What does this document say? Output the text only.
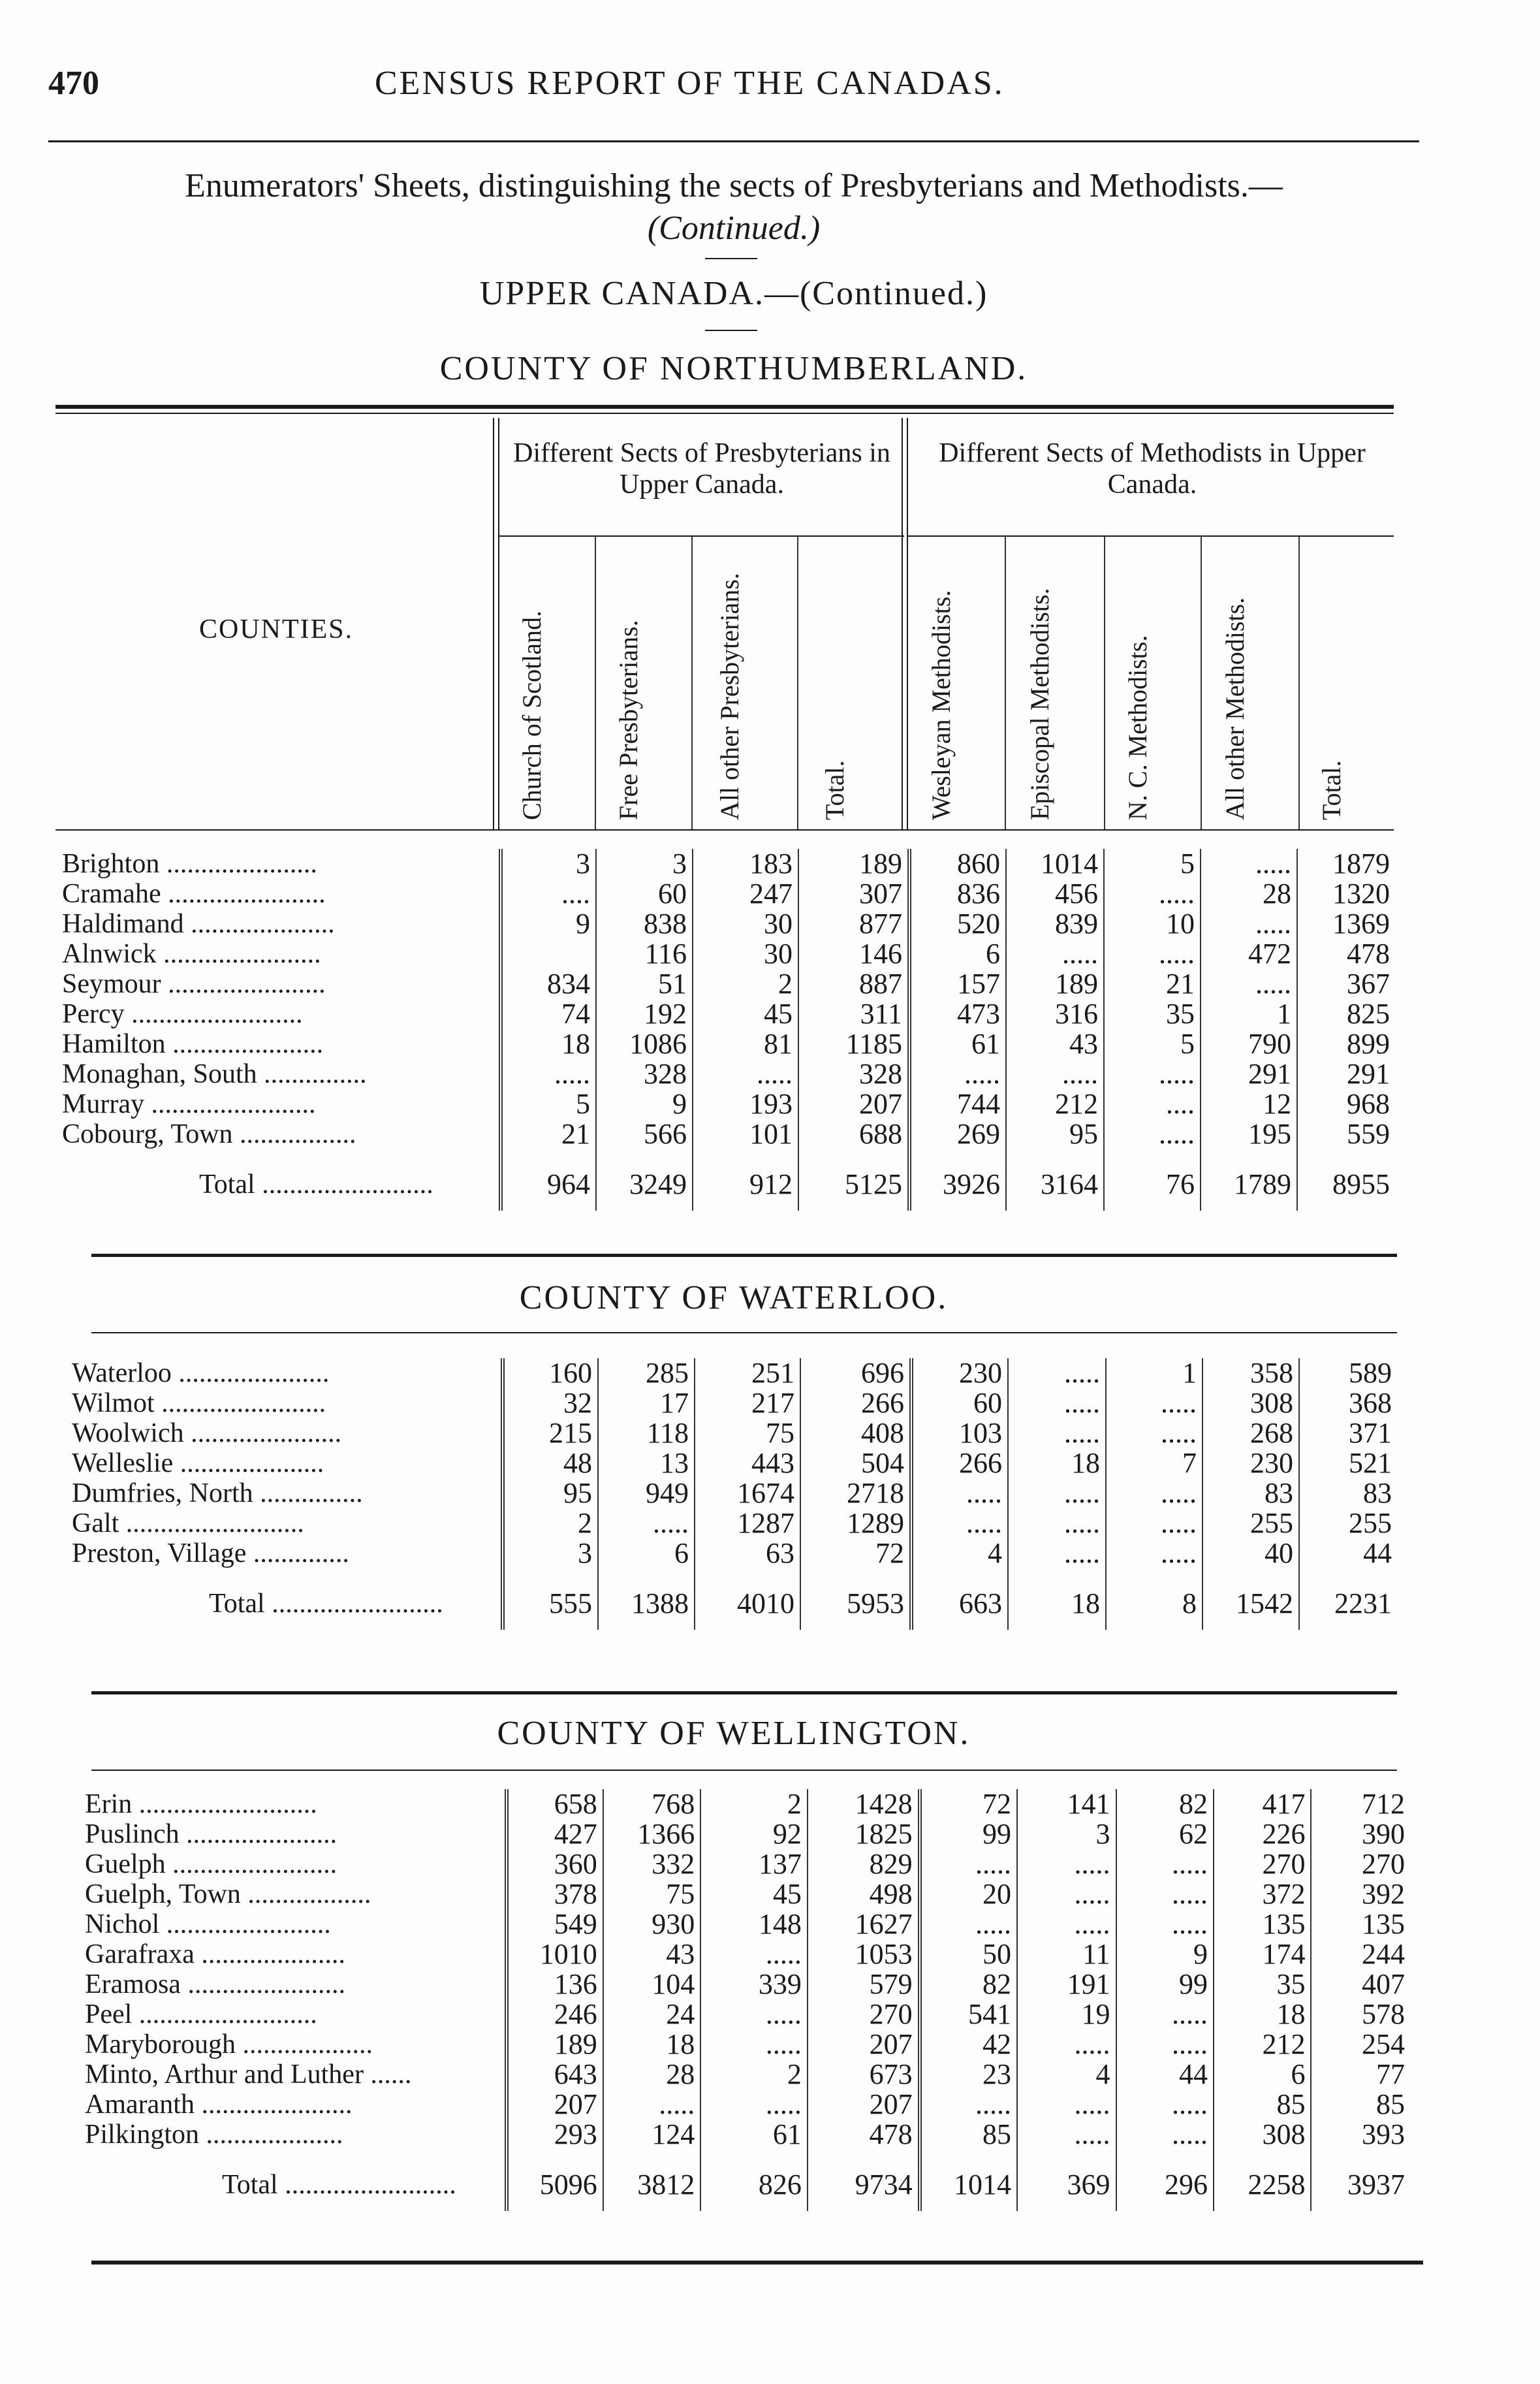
470	CENSUS REPORT OF THE CANADAS.
Enumerators' Sheets, distinguishing the sects of Presbyterians and Methodists.—
(Continued.)
UPPER CANADA.—(Continued.)
COUNTY OF NORTHUMBERLAND.
COUNTIES.
Different Sects of Presbyterians in Upper Canada.
Different Sects of Methodists in Upper Canada.
Church of Scotland.	Free Presbyterians.	All other Presbyterians.	Total.	Wesleyan Methodists.	Episcopal Methodists.	N. C. Methodists.	All other Methodists.	Total.
Brighton ......................	3	3	183	189	860	1014	5	.....	1879
Cramahe .......................	....	60	247	307	836	456	.....	28	1320
Haldimand .....................	9	838	30	877	520	839	10	.....	1369
Alnwick .......................		116	30	146	6	.....	.....	472	478
Seymour .......................	834	51	2	887	157	189	21	.....	367
Percy .........................	74	192	45	311	473	316	35	1	825
Hamilton ......................	18	1086	81	1185	61	43	5	790	899
Monaghan, South ...............	.....	328	.....	328	.....	.....	.....	291	291
Murray ........................	5	9	193	207	744	212	....	12	968
Cobourg, Town .................	21	566	101	688	269	95	.....	195	559
Total .........................	964	3249	912	5125	3926	3164	76	1789	8955
COUNTY OF WATERLOO.
Waterloo ......................	160	285	251	696	230	.....	1	358	589
Wilmot ........................	32	17	217	266	60	.....	.....	308	368
Woolwich ......................	215	118	75	408	103	.....	.....	268	371
Welleslie .....................	48	13	443	504	266	18	7	230	521
Dumfries, North ...............	95	949	1674	2718	.....	.....	.....	83	83
Galt ..........................	2	.....	1287	1289	.....	.....	.....	255	255
Preston, Village ..............	3	6	63	72	4	.....	.....	40	44
Total .........................	555	1388	4010	5953	663	18	8	1542	2231
COUNTY OF WELLINGTON.
Erin ..........................	658	768	2	1428	72	141	82	417	712
Puslinch ......................	427	1366	92	1825	99	3	62	226	390
Guelph ........................	360	332	137	829	.....	.....	.....	270	270
Guelph, Town ..................	378	75	45	498	20	.....	.....	372	392
Nichol ........................	549	930	148	1627	.....	.....	.....	135	135
Garafraxa .....................	1010	43	.....	1053	50	11	9	174	244
Eramosa .......................	136	104	339	579	82	191	99	35	407
Peel ..........................	246	24	.....	270	541	19	.....	18	578
Maryborough ...................	189	18	.....	207	42	.....	.....	212	254
Minto, Arthur and Luther ......	643	28	2	673	23	4	44	6	77
Amaranth ......................	207	.....	.....	207	.....	.....	.....	85	85
Pilkington ....................	293	124	61	478	85	.....	.....	308	393
Total .........................	5096	3812	826	9734	1014	369	296	2258	3937
